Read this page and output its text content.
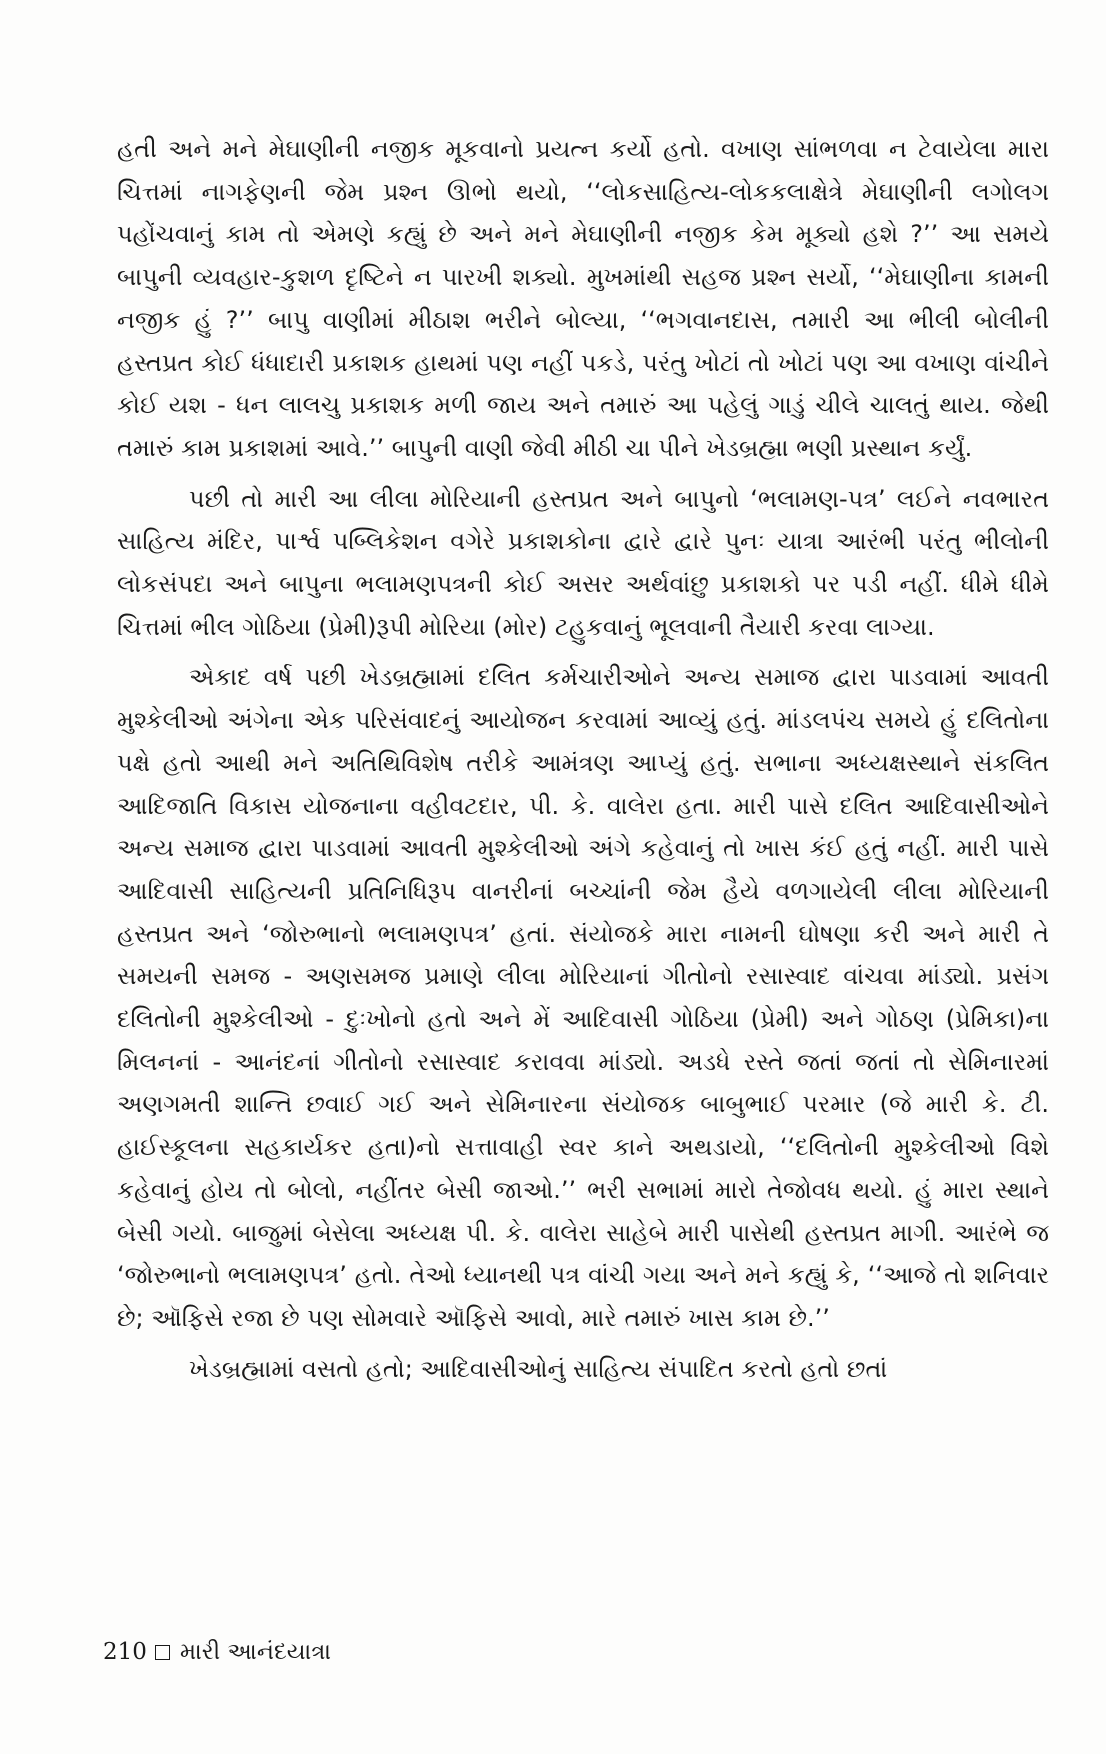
હતી અને મને મેઘાણીની નજીક મૂકવાનો પ્રયત્ન કર્યો હતો. વખાણ સાંભળવા ન ટેવાયેલા મારા ચિત્તમાં નાગફેણની જેમ પ્રશ્ન ઊભો થયો, ‘‘લોકસાહિત્ય-લોકકલાક્ષેત્રે મેઘાણીની લગોલગ પહોંચવાનું કામ તો એમણે કહ્યું છે અને મને મેઘાણીની નજીક કેમ મૂક્યો હશે ?’’ આ સમયે બાપુની વ્યવહાર-કુશળ દૃષ્ટિને ન પારખી શક્યો. મુખમાંથી સહજ પ્રશ્ન સર્યો, ‘‘મેઘાણીના કામની નજીક હું ?’’ બાપુ વાણીમાં મીઠાશ ભરીને બોલ્યા, ‘‘ભગવાનદાસ, તમારી આ ભીલી બોલીની હસ્તપ્રત કોઈ ધંધાદારી પ્રકાશક હાથમાં પણ નહીં પકડે, પરંતુ ખોટાં તો ખોટાં પણ આ વખાણ વાંચીને કોઈ યશ - ધન લાલચુ પ્રકાશક મળી જાય અને તમારું આ પહેલું ગાડું ચીલે ચાલતું થાય. જેથી તમારું કામ પ્રકાશમાં આવે.’’ બાપુની વાણી જેવી મીઠી ચા પીને ખેડબ્રહ્મા ભણી પ્રસ્થાન કર્યું.

પછી તો મારી આ લીલા મોરિયાની હસ્તપ્રત અને બાપુનો ‘ભલામણ-પત્ર’ લઈને નવભારત સાહિત્ય મંદિર, પાર્શ્વ પબ્લિકેશન વગેરે પ્રકાશકોના દ્વારે દ્વારે પુનઃ યાત્રા આરંભી પરંતુ ભીલોની લોકસંપદા અને બાપુના ભલામણપત્રની કોઈ અસર અર્થવાંછુ પ્રકાશકો પર પડી નહીં. ધીમે ધીમે ચિત્તમાં ભીલ ગોઠિયા (પ્રેમી)રૂપી મોરિયા (મોર) ટહુકવાનું ભૂલવાની તૈયારી કરવા લાગ્યા.

એકાદ વર્ષ પછી ખેડબ્રહ્મામાં દલિત કર્મચારીઓને અન્ય સમાજ દ્વારા પાડવામાં આવતી મુશ્કેલીઓ અંગેના એક પરિસંવાદનું આયોજન કરવામાં આવ્યું હતું. માંડલપંચ સમયે હું દલિતોના પક્ષે હતો આથી મને અતિથિવિશેષ તરીકે આમંત્રણ આપ્યું હતું. સભાના અધ્યક્ષસ્થાને સંકલિત આદિજાતિ વિકાસ યોજનાના વહીવટદાર, પી. કે. વાલેરા હતા. મારી પાસે દલિત આદિવાસીઓને અન્ય સમાજ દ્વારા પાડવામાં આવતી મુશ્કેલીઓ અંગે કહેવાનું તો ખાસ કંઈ હતું નહીં. મારી પાસે આદિવાસી સાહિત્યની પ્રતિનિધિરૂપ વાનરીનાં બચ્ચાંની જેમ હૈયે વળગાયેલી લીલા મોરિયાની હસ્તપ્રત અને ‘જોરુભાનો ભલામણપત્ર’ હતાં. સંયોજકે મારા નામની ઘોષણા કરી અને મારી તે સમયની સમજ - અણસમજ પ્રમાણે લીલા મોરિયાનાં ગીતોનો રસાસ્વાદ વાંચવા માંડ્યો. પ્રસંગ દલિતોની મુશ્કેલીઓ - દુઃખોનો હતો અને મેં આદિવાસી ગોઠિયા (પ્રેમી) અને ગોઠણ (પ્રેમિકા)ના મિલનનાં - આનંદનાં ગીતોનો રસાસ્વાદ કરાવવા માંડ્યો. અડધે રસ્તે જતાં જતાં તો સેમિનારમાં અણગમતી શાન્તિ છવાઈ ગઈ અને સેમિનારના સંયોજક બાબુભાઈ પરમાર (જે મારી કે. ટી. હાઈસ્કૂલના સહકાર્યકર હતા)નો સત્તાવાહી સ્વર કાને અથડાયો, ‘‘દલિતોની મુશ્કેલીઓ વિશે કહેવાનું હોય તો બોલો, નહીંતર બેસી જાઓ.’’ ભરી સભામાં મારો તેજોવધ થયો. હું મારા સ્થાને બેસી ગયો. બાજુમાં બેસેલા અધ્યક્ષ પી. કે. વાલેરા સાહેબે મારી પાસેથી હસ્તપ્રત માગી. આરંભે જ ‘જોરુભાનો ભલામણપત્ર’ હતો. તેઓ ધ્યાનથી પત્ર વાંચી ગયા અને મને કહ્યું કે, ‘‘આજે તો શનિવાર છે; ઑફિસે રજા છે પણ સોમવારે ઑફિસે આવો, મારે તમારું ખાસ કામ છે.’’

ખેડબ્રહ્મામાં વસતો હતો; આદિવાસીઓનું સાહિત્ય સંપાદિત કરતો હતો છતાં

210 મારી આનંદયાત્રા
